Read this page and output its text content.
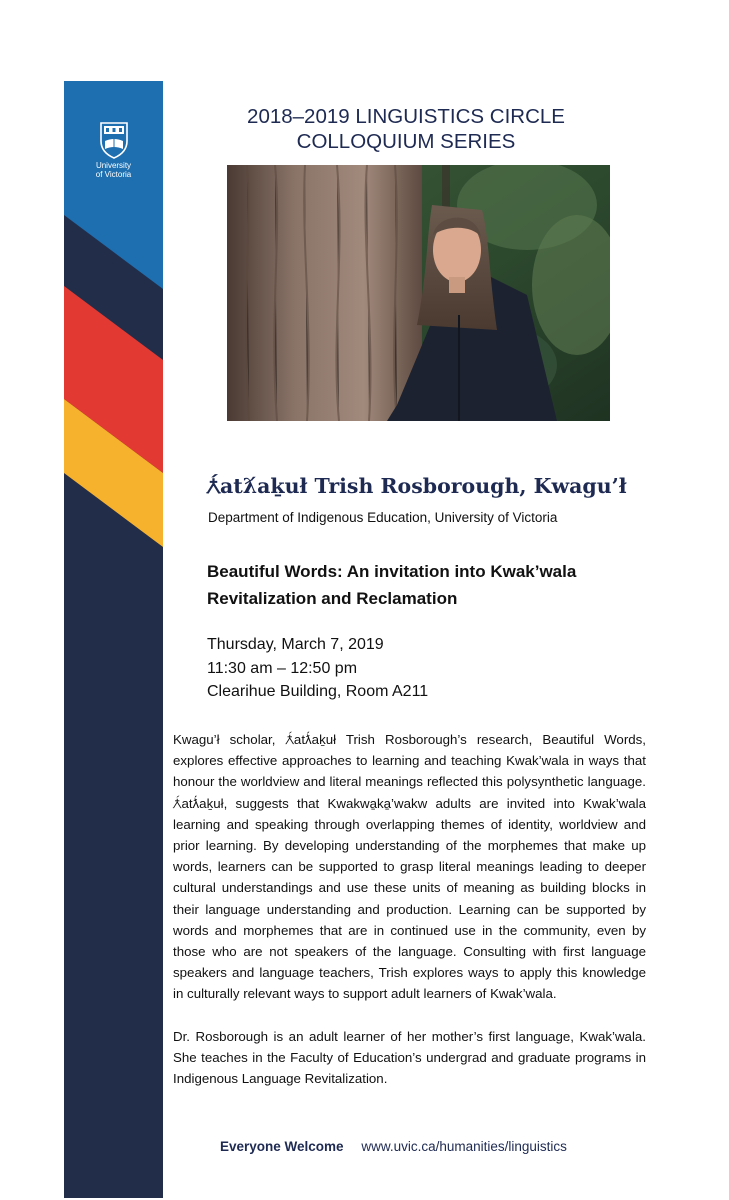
University
of Victoria
2018–2019 LINGUISTICS CIRCLE COLLOQUIUM SERIES
Ƛ́atƛ́aḵuł Trish Rosborough, Kwagu’ł

Department of Indigenous Education, University of Victoria

Beautiful Words: An invitation into Kwak’wala Revitalization and Reclamation
Thursday, March 7, 2019
11:30 am – 12:50 pm
Clearihue Building, Room A211

Kwagu’ł scholar, Ƛ́atƛ́aḵuł Trish Rosborough’s research, Beautiful Words, explores effective approaches to learning and teaching Kwak’wala in ways that honour the worldview and literal meanings reflected this polysynthetic language. Ƛ́atƛ́aḵuł, suggests that Kwakwa̱ka̱’wakw adults are invited into Kwak’wala learning and speaking through overlapping themes of identity, worldview and prior learning. By developing understanding of the morphemes that make up words, learners can be supported to grasp literal meanings leading to deeper cultural understandings and use these units of meaning as building blocks in their language understanding and production. Learning can be supported by words and morphemes that are in continued use in the community, even by those who are not speakers of the language. Consulting with first language speakers and language teachers, Trish explores ways to apply this knowledge in culturally relevant ways to support adult learners of Kwak’wala.

Dr. Rosborough is an adult learner of her mother’s first language, Kwak’wala. She teaches in the Faculty of Education’s undergrad and graduate programs in Indigenous Language Revitalization.

Everyone Welcome www.uvic.ca/humanities/linguistics
